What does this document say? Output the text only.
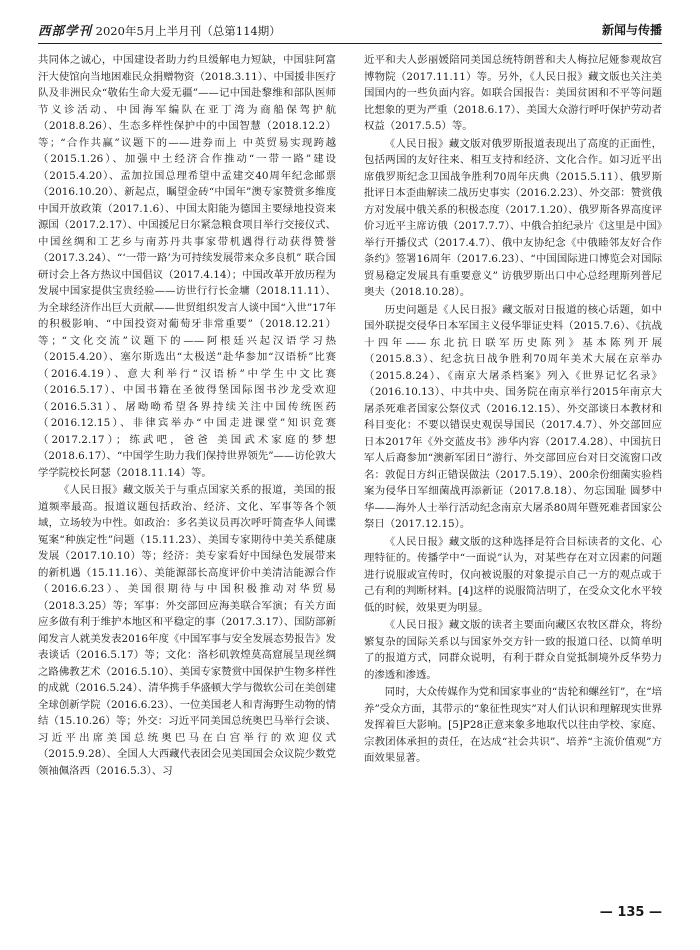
西部学刊 2020年5月上半月刊（总第114期）	新闻与传播

共同体之诚心，中国建设者助力约旦缓解电力短缺，中国驻阿富汗大使馆向当地困难民众捐赠物资（2018.3.11）、中国援非医疗队及非洲民众“敬佑生命大爱无疆”——记中国赴黎维和部队医师节义诊活动、中国海军编队在亚丁湾为商船保驾护航（2018.8.26）、生态多样性保护中的中国智慧（2018.12.2）等；“合作共赢”议题下的——进券而上 中英贸易实现跨越（2015.1.26）、加强中土经济合作推动“一带一路”建设（2015.4.20）、孟加拉国总理希望中孟建交40周年纪念邮票（2016.10.20）、新起点，瞩望金砖“中国年”澳专家赞赏多维度中国开放政策（2017.1.6）、中国太阳能为德国主要绿地投资来源国（2017.2.17）、中国援尼日尔紧急粮食项目举行交接仪式、中国丝绸和工艺乡与南苏丹共事家带机遇得行动获得赞誉（2017.3.24）、“‘一带一路’为可持续发展带来众多良机” 联合国研讨会上各方热议中国倡议（2017.4.14）；中国改革开放历程为发展中国家提供宝贵经验——访世行行长金墉（2018.11.11）、为全球经济作出巨大贡献——世贸组织发言人谈中国“入世”17年的积极影响、“中国投资对葡萄牙非常重要”（2018.12.21）等；“文化交流”议题下的——阿根廷兴起汉语学习热（2015.4.20）、塞尔斯选出“太极送”赴华参加“汉语桥”比赛（2016.4.19）、意大利举行“汉语桥”中学生中文比赛（2016.5.17）、中国书籍在圣彼得堡国际图书沙龙受欢迎（2016.5.31）、屠呦呦希望各界持续关注中国传统医药（2016.12.15）、非律宾举办“中国走进课堂”知识竞赛（2017.2.17）；练武吧，爸爸 美国武术家庭的梦想（2018.6.17）、“中国学生助力我们保持世界领先”——访伦敦大学学院校长阿瑟（2018.11.14）等。

《人民日报》藏文版关于与重点国家关系的报道，美国的报道频率最高。报道议题包括政治、经济、文化、军事等各个领域，立场较为中性。如政治：多名美议员再次呼吁简查华人间谍冤案“种族定性”问题（15.11.23）、美国专家期待中美关系健康发展（2017.10.10）等；经济：美专家看好中国绿色发展带来的新机遇（15.11.16）、美能源部长高度评价中美清洁能源合作（2016.6.23）、美国很期待与中国积极推动对华贸易（2018.3.25）等；军事：外交部回应海美联合军演；有关方面应多做有利于维护本地区和平稳定的事（2017.3.17）、国防部新闻发言人就美发表2016年度《中国军事与安全发展态势报告》发表谈话（2016.5.17）等；文化：洛杉矶敦煌莫高窟展呈现丝绸之路佛教艺术（2016.5.10）、美国专家赞赏中国保护生物多样性的成就（2016.5.24）、清华携手华盛顿大学与微软公司在美创建全球创新学院（2016.6.23）、一位美国老人和青海野生动物的情结（15.10.26）等；外交：习近平同美国总统奥巴马举行会谈、习近平出席美国总统奥巴马在白宫举行的欢迎仪式（2015.9.28）、全国人大西藏代表团会见美国国会众议院少数党领袖佩洛西（2016.5.3）、习

近平和夫人彭丽媛陪同美国总统特朗普和夫人梅拉尼娅参观故宫博物院（2017.11.11）等。另外，《人民日报》藏文版也关注美国国内的一些负面内容。如联合国报告：美国贫困和不平等问题比想象的更为严重（2018.6.17）、美国大众游行呼吁保护劳动者权益（2017.5.5）等。

《人民日报》藏文版对俄罗斯报道表现出了高度的正面性，包括两国的友好往来、相互支持和经济、文化合作。如习近平出席俄罗斯纪念卫国战争胜利70周年庆典（2015.5.11）、俄罗斯批评日本歪曲解读二战历史事实（2016.2.23）、外交部：赞赏俄方对发展中俄关系的积极态度（2017.1.20）、俄罗斯各界高度评价习近平主席访俄（2017.7.7）、中俄合拍纪录片《这里是中国》举行开播仪式（2017.4.7）、俄中友协纪念《中俄睦邻友好合作条约》签署16周年（2017.6.23）、“中国国际进口博览会对国际贸易稳定发展具有重要意义” 访俄罗斯出口中心总经理斯列普尼奥夫（2018.10.28）。

历史问题是《人民日报》藏文版对日报道的核心话题，如中国外联提交侵华日本军国主义侵华罪证史料（2015.7.6）、《抗战十四年——东北抗日联军历史陈列》基本陈列开展（2015.8.3）、纪念抗日战争胜利70周年美术大展在京举办（2015.8.24）、《南京大屠杀档案》列入《世界记忆名录》（2016.10.13）、中共中央、国务院在南京举行2015年南京大屠杀死难者国家公祭仪式（2016.12.15）、外交部谈日本教材和科目变化：不要以错误史观误导国民（2017.4.7）、外交部回应日本2017年《外交蓝皮书》涉华内容（2017.4.28）、中国抗日军人后裔参加“澳新军团日”游行、外交部回应台对日交流窗口改名：敦促日方纠正错误做法（2017.5.19）、200余份细菌实验档案为侵华日军细菌战再添新证（2017.8.18）、勿忘国耻 圆梦中华——海外人士举行活动纪念南京大屠杀80周年暨死难者国家公祭日（2017.12.15）。

《人民日报》藏文版的这种选择是符合目标读者的文化、心理特征的。传播学中“一面说”认为，对某些存在对立因素的问题进行说服或宣传时，仅向被说服的对象提示自己一方的观点或于己有利的判断材料。[4]这样的说服简洁明了，在受众文化水平较低的时候，效果更为明显。

《人民日报》藏文版的读者主要面向藏区农牧区群众，将纷繁复杂的国际关系以与国家外交方针一致的报道口径、以简单明了的报道方式，同群众说明，有利于群众自觉抵制境外反华势力的渗透和渗透。

同时，大众传媒作为党和国家事业的“齿轮和螺丝钉”，在“培养”受众方面，其带示的“象征性现实”对人们认识和理解现实世界发挥着巨大影响。[5]P28正意来象多地取代以往由学校、家庭、宗教团体承担的责任，在达成“社会共识”、培养“主流价值观”方面效果显著。

— 135 —
